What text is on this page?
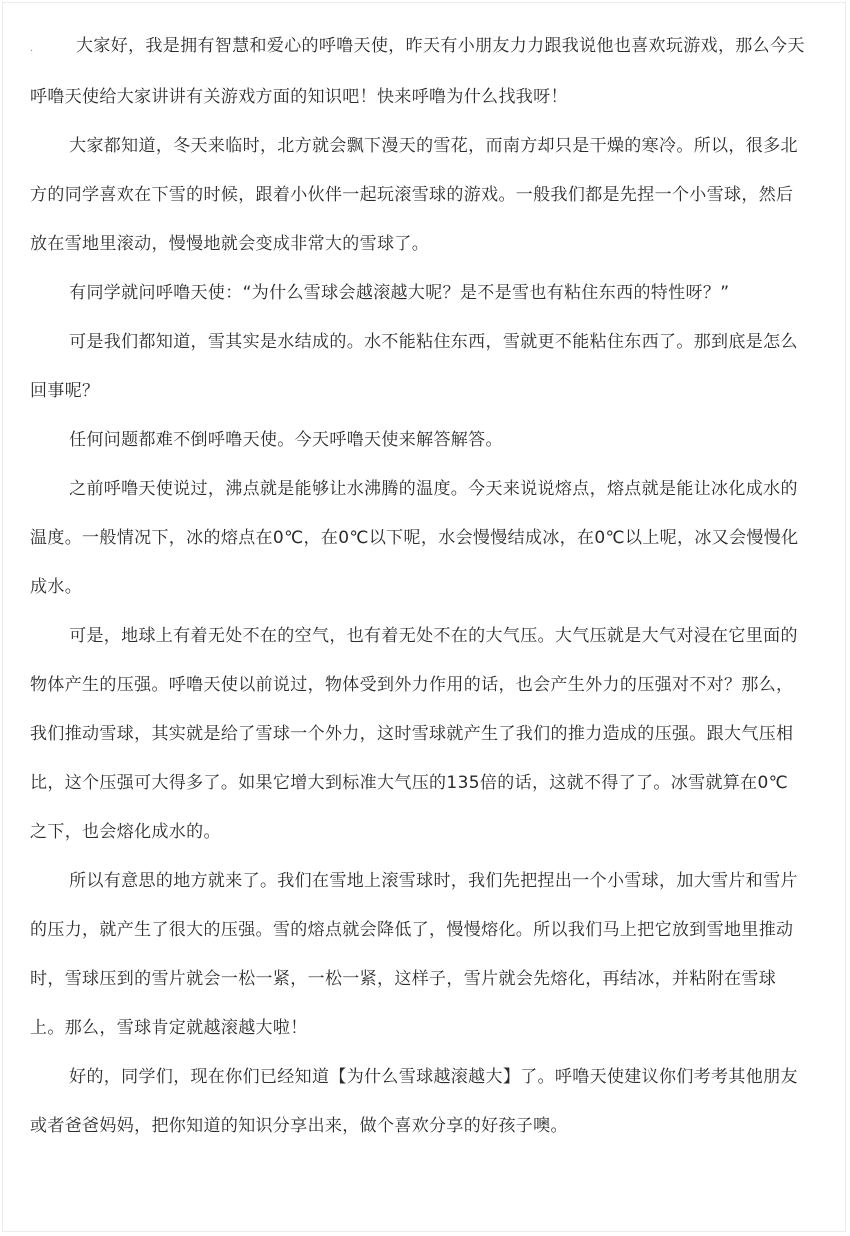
. 大家好，我是拥有智慧和爱心的呼噜天使，昨天有小朋友力力跟我说他也喜欢玩游戏，那么今天呼噜天使给大家讲讲有关游戏方面的知识吧！快来呼噜为什么找我呀！

大家都知道，冬天来临时，北方就会飘下漫天的雪花，而南方却只是干燥的寒冷。所以，很多北方的同学喜欢在下雪的时候，跟着小伙伴一起玩滚雪球的游戏。一般我们都是先捏一个小雪球，然后放在雪地里滚动，慢慢地就会变成非常大的雪球了。

有同学就问呼噜天使：“为什么雪球会越滚越大呢？是不是雪也有粘住东西的特性呀？”

可是我们都知道，雪其实是水结成的。水不能粘住东西，雪就更不能粘住东西了。那到底是怎么回事呢？

任何问题都难不倒呼噜天使。今天呼噜天使来解答解答。

之前呼噜天使说过，沸点就是能够让水沸腾的温度。今天来说说熔点，熔点就是能让冰化成水的温度。一般情况下，冰的熔点在0℃，在0℃以下呢，水会慢慢结成冰，在0℃以上呢，冰又会慢慢化成水。

可是，地球上有着无处不在的空气，也有着无处不在的大气压。大气压就是大气对浸在它里面的物体产生的压强。呼噜天使以前说过，物体受到外力作用的话，也会产生外力的压强对不对？那么，我们推动雪球，其实就是给了雪球一个外力，这时雪球就产生了我们的推力造成的压强。跟大气压相比，这个压强可大得多了。如果它增大到标准大气压的135倍的话，这就不得了了。冰雪就算在0℃之下，也会熔化成水的。

所以有意思的地方就来了。我们在雪地上滚雪球时，我们先把捏出一个小雪球，加大雪片和雪片的压力，就产生了很大的压强。雪的熔点就会降低了，慢慢熔化。所以我们马上把它放到雪地里推动时，雪球压到的雪片就会一松一紧，一松一紧，这样子，雪片就会先熔化，再结冰，并粘附在雪球上。那么，雪球肯定就越滚越大啦！

好的，同学们，现在你们已经知道【为什么雪球越滚越大】了。呼噜天使建议你们考考其他朋友或者爸爸妈妈，把你知道的知识分享出来，做个喜欢分享的好孩子噢。
